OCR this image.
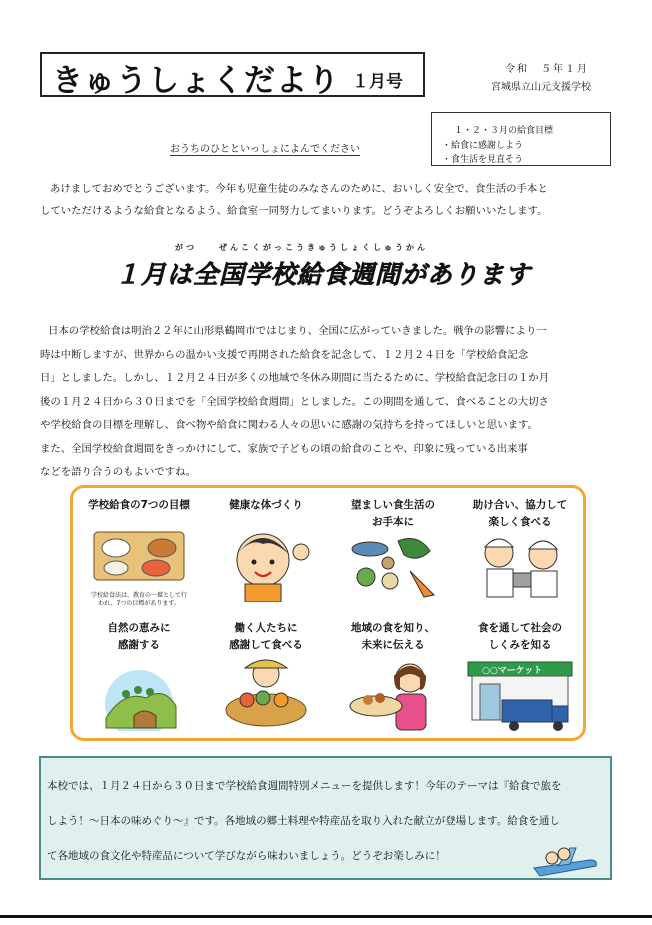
きゅうしょくだより １月号
令和　５年１月
宮城県立山元支援学校
１・２・３月の給食目標
・給食に感謝しよう
・食生活を見直そう
おうちのひとといっしょによんでください
あけましておめでとうございます。今年も児童生徒のみなさんのために、おいしく安全で、食生活の手本と
していただけるような給食となるよう、給食室一同努力してまいります。どうぞよろしくお願いいたします。
がつ　　ぜんこくがっこうきゅうしょくしゅうかん
１月は全国学校給食週間があります
日本の学校給食は明治２２年に山形県鶴岡市ではじまり、全国に広がっていきました。戦争の影響により一
時は中断しますが、世界からの温かい支援で再開された給食を記念して、１２月２４日を「学校給食記念
日」としました。しかし、１２月２４日が多くの地域で冬休み期間に当たるために、学校給食記念日の１か月
後の１月２４日から３０日までを「全国学校給食週間」としました。この期間を通して、食べることの大切さ
や学校給食の目標を理解し、食べ物や給食に関わる人々の思いに感謝の気持ちを持ってほしいと思います。
また、全国学校給食週間をきっかけにして、家族で子どもの頃の給食のことや、印象に残っている出来事
などを語り合うのもよいですね。
学校給食の7つの目標
学校給食法は、教育の一環として行われ、7つの目標があります。
健康な体づくり	望ましい食生活の
お手本に
助け合い、協力して
楽しく食べる
自然の恵みに
感謝する
働く人たちに
感謝して食べる
地域の食を知り、
未来に伝える
食を通して社会の
しくみを知る
○○マーケット
本校では、１月２４日から３０日まで学校給食週間特別メニューを提供します！今年のテーマは『給食で旅を
しよう！～日本の味めぐり～』です。各地域の郷土料理や特産品を取り入れた献立が登場します。給食を通し
て各地域の食文化や特産品について学びながら味わいましょう。どうぞお楽しみに！
